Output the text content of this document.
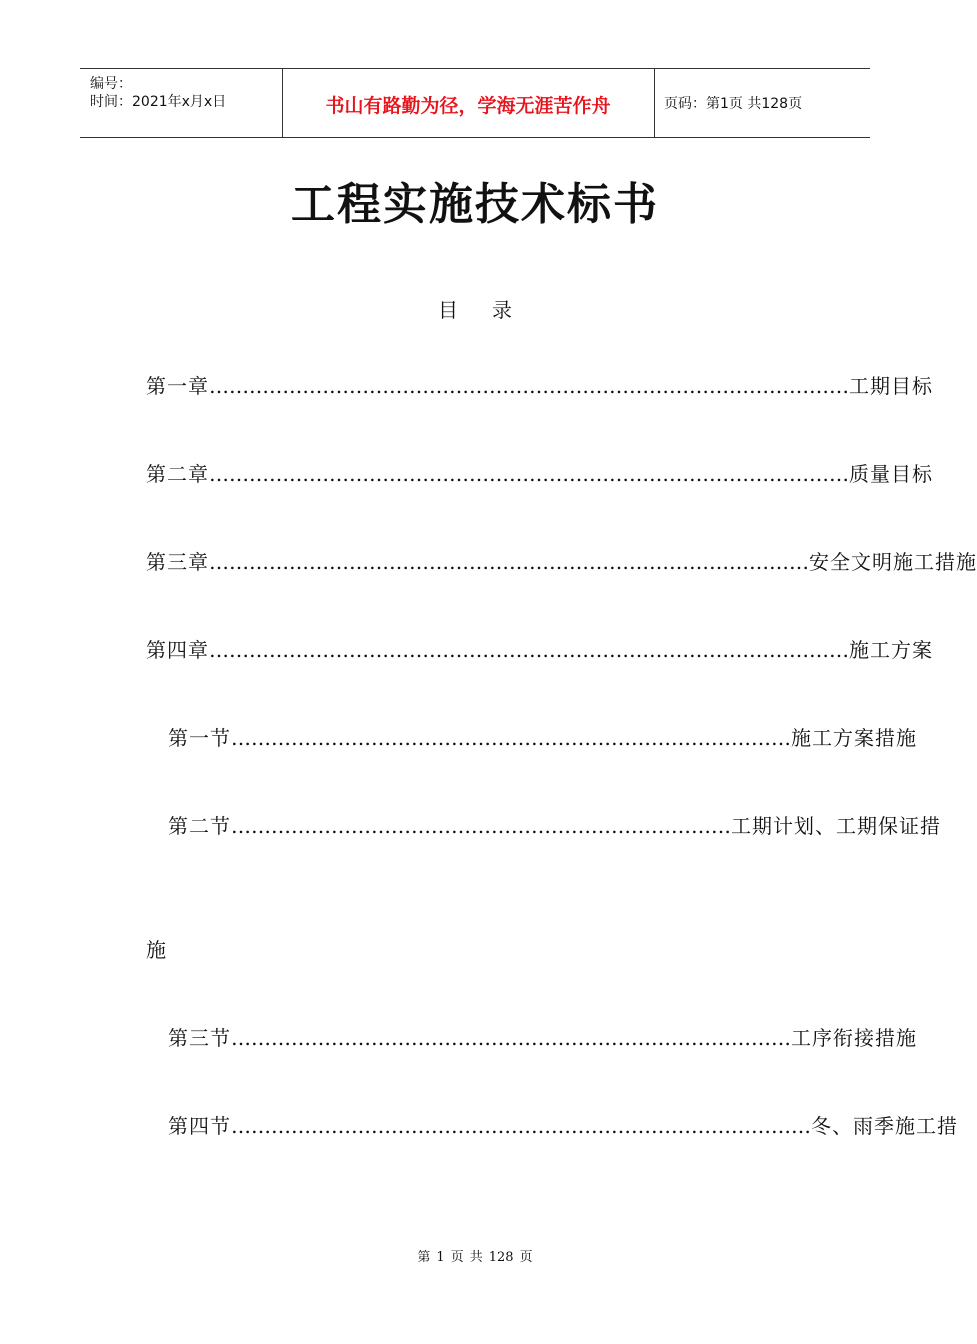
编号：
时间：2021年x月x日	书山有路勤为径，学海无涯苦作舟	页码：第1页 共128页
工程实施技术标书
目录
第一章……………………………………………………………………………………工期目标
第二章……………………………………………………………………………………质量目标
第三章………………………………………………………………………………安全文明施工措施
第四章……………………………………………………………………………………施工方案
第一节…………………………………………………………………………施工方案措施
第二节…………………………………………………………………工期计划、工期保证措
施
第三节…………………………………………………………………………工序衔接措施
第四节……………………………………………………………………………冬、雨季施工措
第 1 页 共 128 页
